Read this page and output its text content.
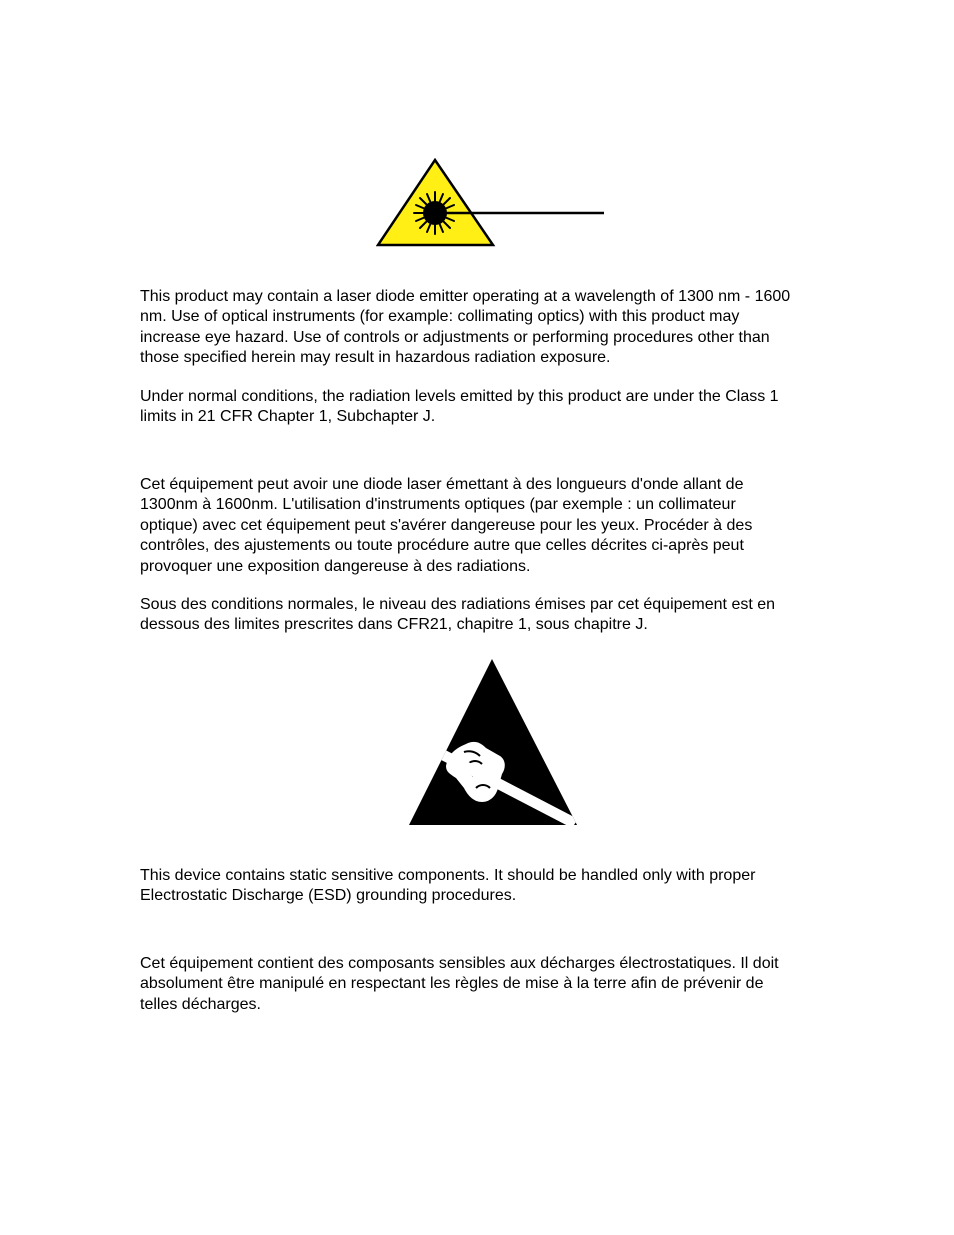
This product may contain a laser diode emitter operating at a wavelength of 1300 nm - 1600
nm. Use of optical instruments (for example: collimating optics) with this product may
increase eye hazard. Use of controls or adjustments or performing procedures other than
those specified herein may result in hazardous radiation exposure.

Under normal conditions, the radiation levels emitted by this product are under the Class 1
limits in 21 CFR Chapter 1, Subchapter J.

Cet équipement peut avoir une diode laser émettant à des longueurs d'onde allant de
1300nm à 1600nm. L'utilisation d'instruments optiques (par exemple : un collimateur
optique) avec cet équipement peut s'avérer dangereuse pour les yeux. Procéder à des
contrôles, des ajustements ou toute procédure autre que celles décrites ci-après peut
provoquer une exposition dangereuse à des radiations.

Sous des conditions normales, le niveau des radiations émises par cet équipement est en
dessous des limites prescrites dans CFR21, chapitre 1, sous chapitre J.

This device contains static sensitive components. It should be handled only with proper
Electrostatic Discharge (ESD) grounding procedures.

Cet équipement contient des composants sensibles aux décharges électrostatiques. Il doit
absolument être manipulé en respectant les règles de mise à la terre afin de prévenir de
telles décharges.
